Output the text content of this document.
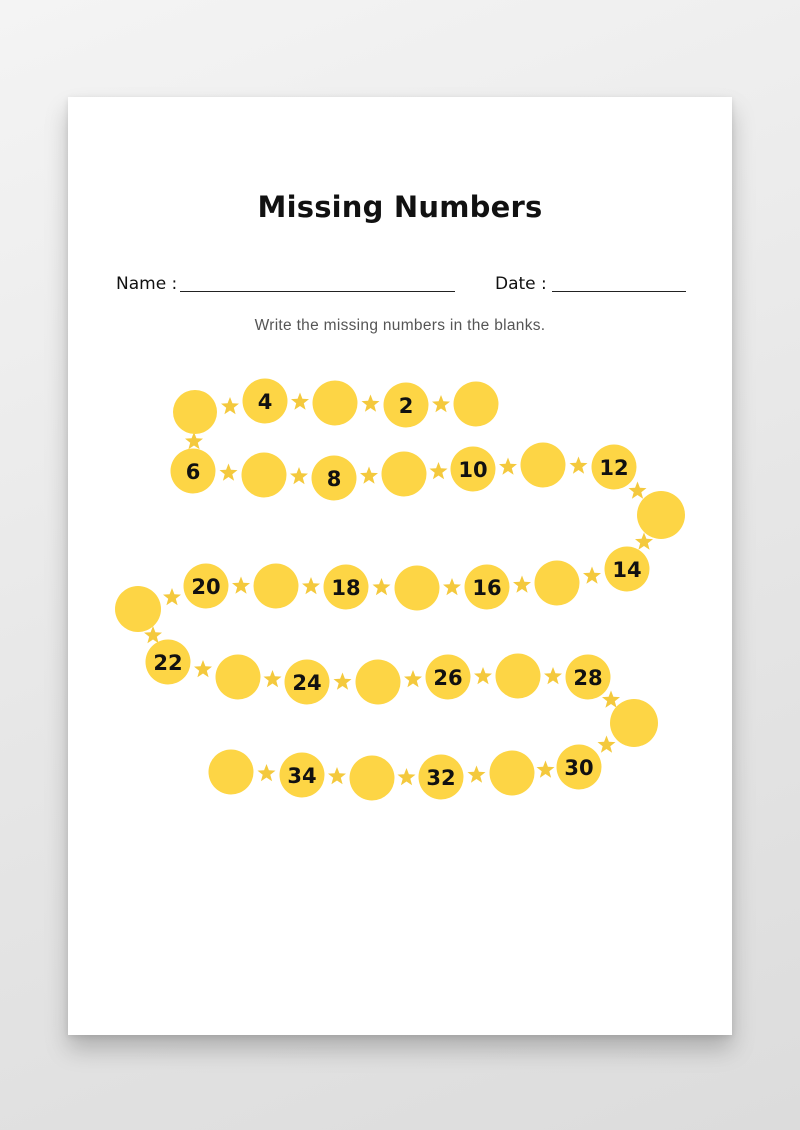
Missing Numbers
Name :	Date :
Write the missing numbers in the blanks.
2
4
6	8	10	12
14
16
18
20
22
24	26	28
30
32
34
